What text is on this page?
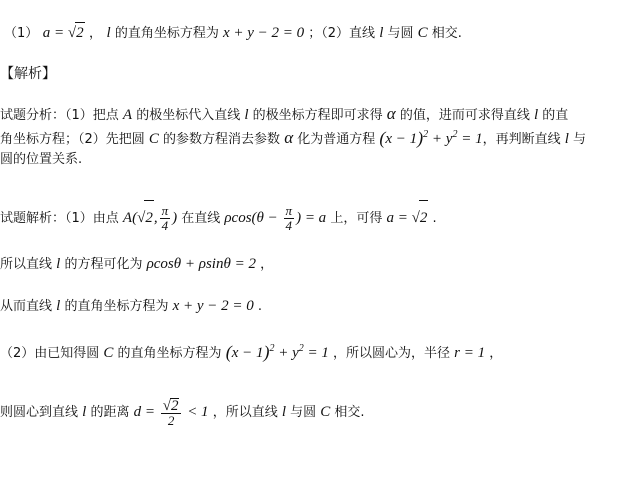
（1） a = √2 ， l 的直角坐标方程为 x + y − 2 = 0 ；（2）直线 l 与圆 C 相交.
【解析】
试题分析：（1）把点 A 的极坐标代入直线 l 的极坐标方程即可求得 α 的值，进而可求得直线 l 的直
角坐标方程；（2）先把圆 C 的参数方程消去参数 α 化为普通方程 $(x - 1)^2 + y^2 = 1$，再判断直线 l 与
圆的位置关系.
试题解析：（1）由点 A(√2, $\frac{\pi}{4}$ ) 在直线 $\rho\cos(\theta - \frac{\pi}{4}$ ) = a 上，可得 a = √2 .
所以直线 l 的方程可化为 ρcosθ + ρsinθ = 2 ，
从而直线 l 的直角坐标方程为 x + y − 2 = 0 .
（2）由已知得圆 C 的直角坐标方程为 $(x - 1)^2 + y^2 = 1$ ，所以圆心为，半径 r = 1 ，
则圆心到直线 l 的距离 $d = \frac{√2}{2} < 1$ ，所以直线 l 与圆 C 相交.
